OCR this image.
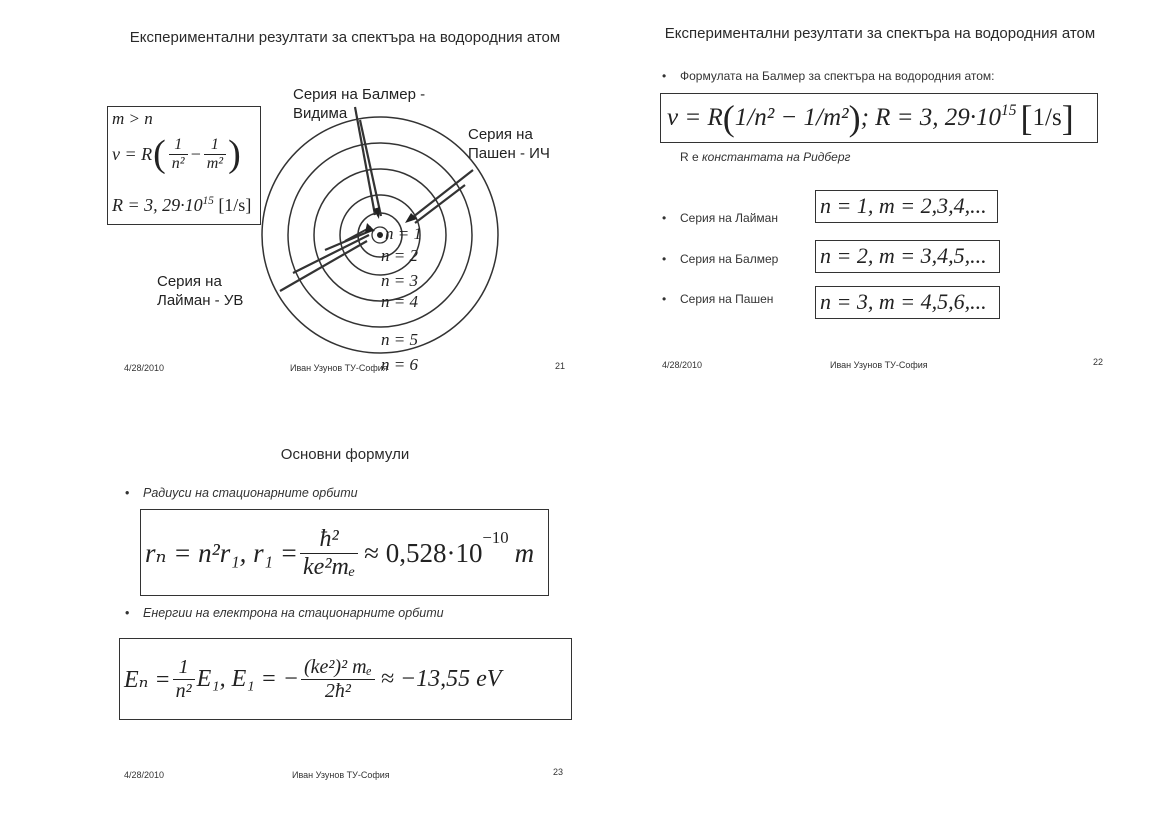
Експериментални резултати за спектъра на водородния атом
m > n
ν = R ( $\frac{1}{\text{n²}} - \frac{1}{\text{m²}}$ )
R = 3, $29\cdot 10^{15}$ [1/s]
n = 1
n = 2
n = 3
n = 4
n = 5
n = 6
Серия на Балмер - Видима
Серия на Пашен - ИЧ
Серия на Лайман - УВ
4/28/2010	Иван Узунов ТУ-София	21
Експериментални резултати за спектъра на водородния атом
• Формулата на Балмер за спектъра на водородния атом:
ν = R ( 1/n² − 1/m² ) ; R = 3, $29\cdot 10^{15}$ [ 1/s ]
R е константата на Ридберг
• Серия на Лайман n = 1, m = 2,3,4,...
• Серия на Балмер n = 2, m = 3,4,5,...
• Серия на Пашен n = 3, m = 4,5,6,...
4/28/2010	Иван Узунов ТУ-София	22
Основни формули
• Радиуси на стационарните орбити
rₙ = n²r₁, $r_1 = \frac{\text{ħ²}}{\text{ke²mₑ}} \approx 0,528\cdot 10^{-10}$ m
• Енергии на електрона на стационарните орбити
$E_n = \frac{1}{\text{n²}} E_1$, E₁ = − $\frac{\text{(ke²)² mₑ}}{\text{2ħ²}} \approx -13,55$ eV
4/28/2010	Иван Узунов ТУ-София	23
